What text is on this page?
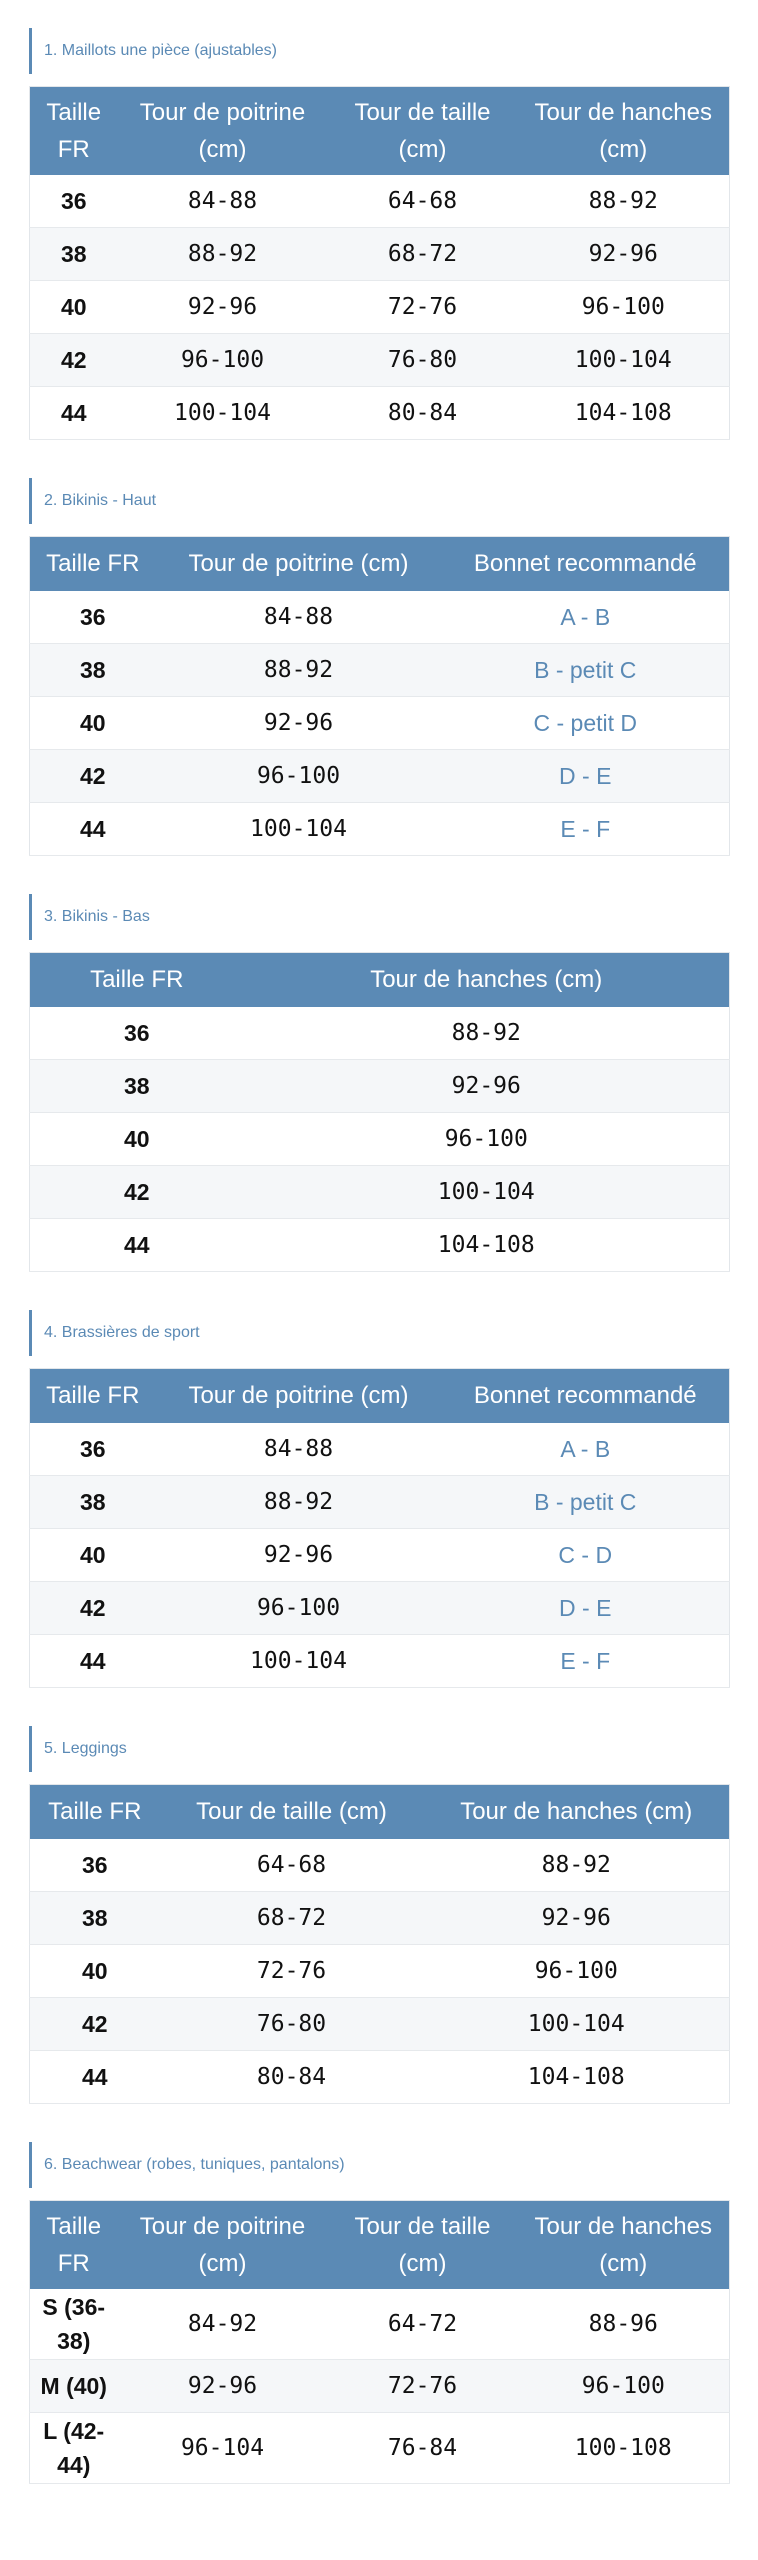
1. Maillots une pièce (ajustables)
Taille FR	Tour de poitrine (cm)	Tour de taille (cm)	Tour de hanches (cm)
36	84-88	64-68	88-92
38	88-92	68-72	92-96
40	92-96	72-76	96-100
42	96-100	76-80	100-104
44	100-104	80-84	104-108
2. Bikinis - Haut
Taille FR	Tour de poitrine (cm)	Bonnet recommandé
36	84-88	A - B
38	88-92	B - petit C
40	92-96	C - petit D
42	96-100	D - E
44	100-104	E - F
3. Bikinis - Bas
Taille FR	Tour de hanches (cm)
36	88-92
38	92-96
40	96-100
42	100-104
44	104-108
4. Brassières de sport
Taille FR	Tour de poitrine (cm)	Bonnet recommandé
36	84-88	A - B
38	88-92	B - petit C
40	92-96	C - D
42	96-100	D - E
44	100-104	E - F
5. Leggings
Taille FR	Tour de taille (cm)	Tour de hanches (cm)
36	64-68	88-92
38	68-72	92-96
40	72-76	96-100
42	76-80	100-104
44	80-84	104-108
6. Beachwear (robes, tuniques, pantalons)
Taille FR	Tour de poitrine (cm)	Tour de taille (cm)	Tour de hanches (cm)
S (36-38)	84-92	64-72	88-96
M (40)	92-96	72-76	96-100
L (42-44)	96-104	76-84	100-108
